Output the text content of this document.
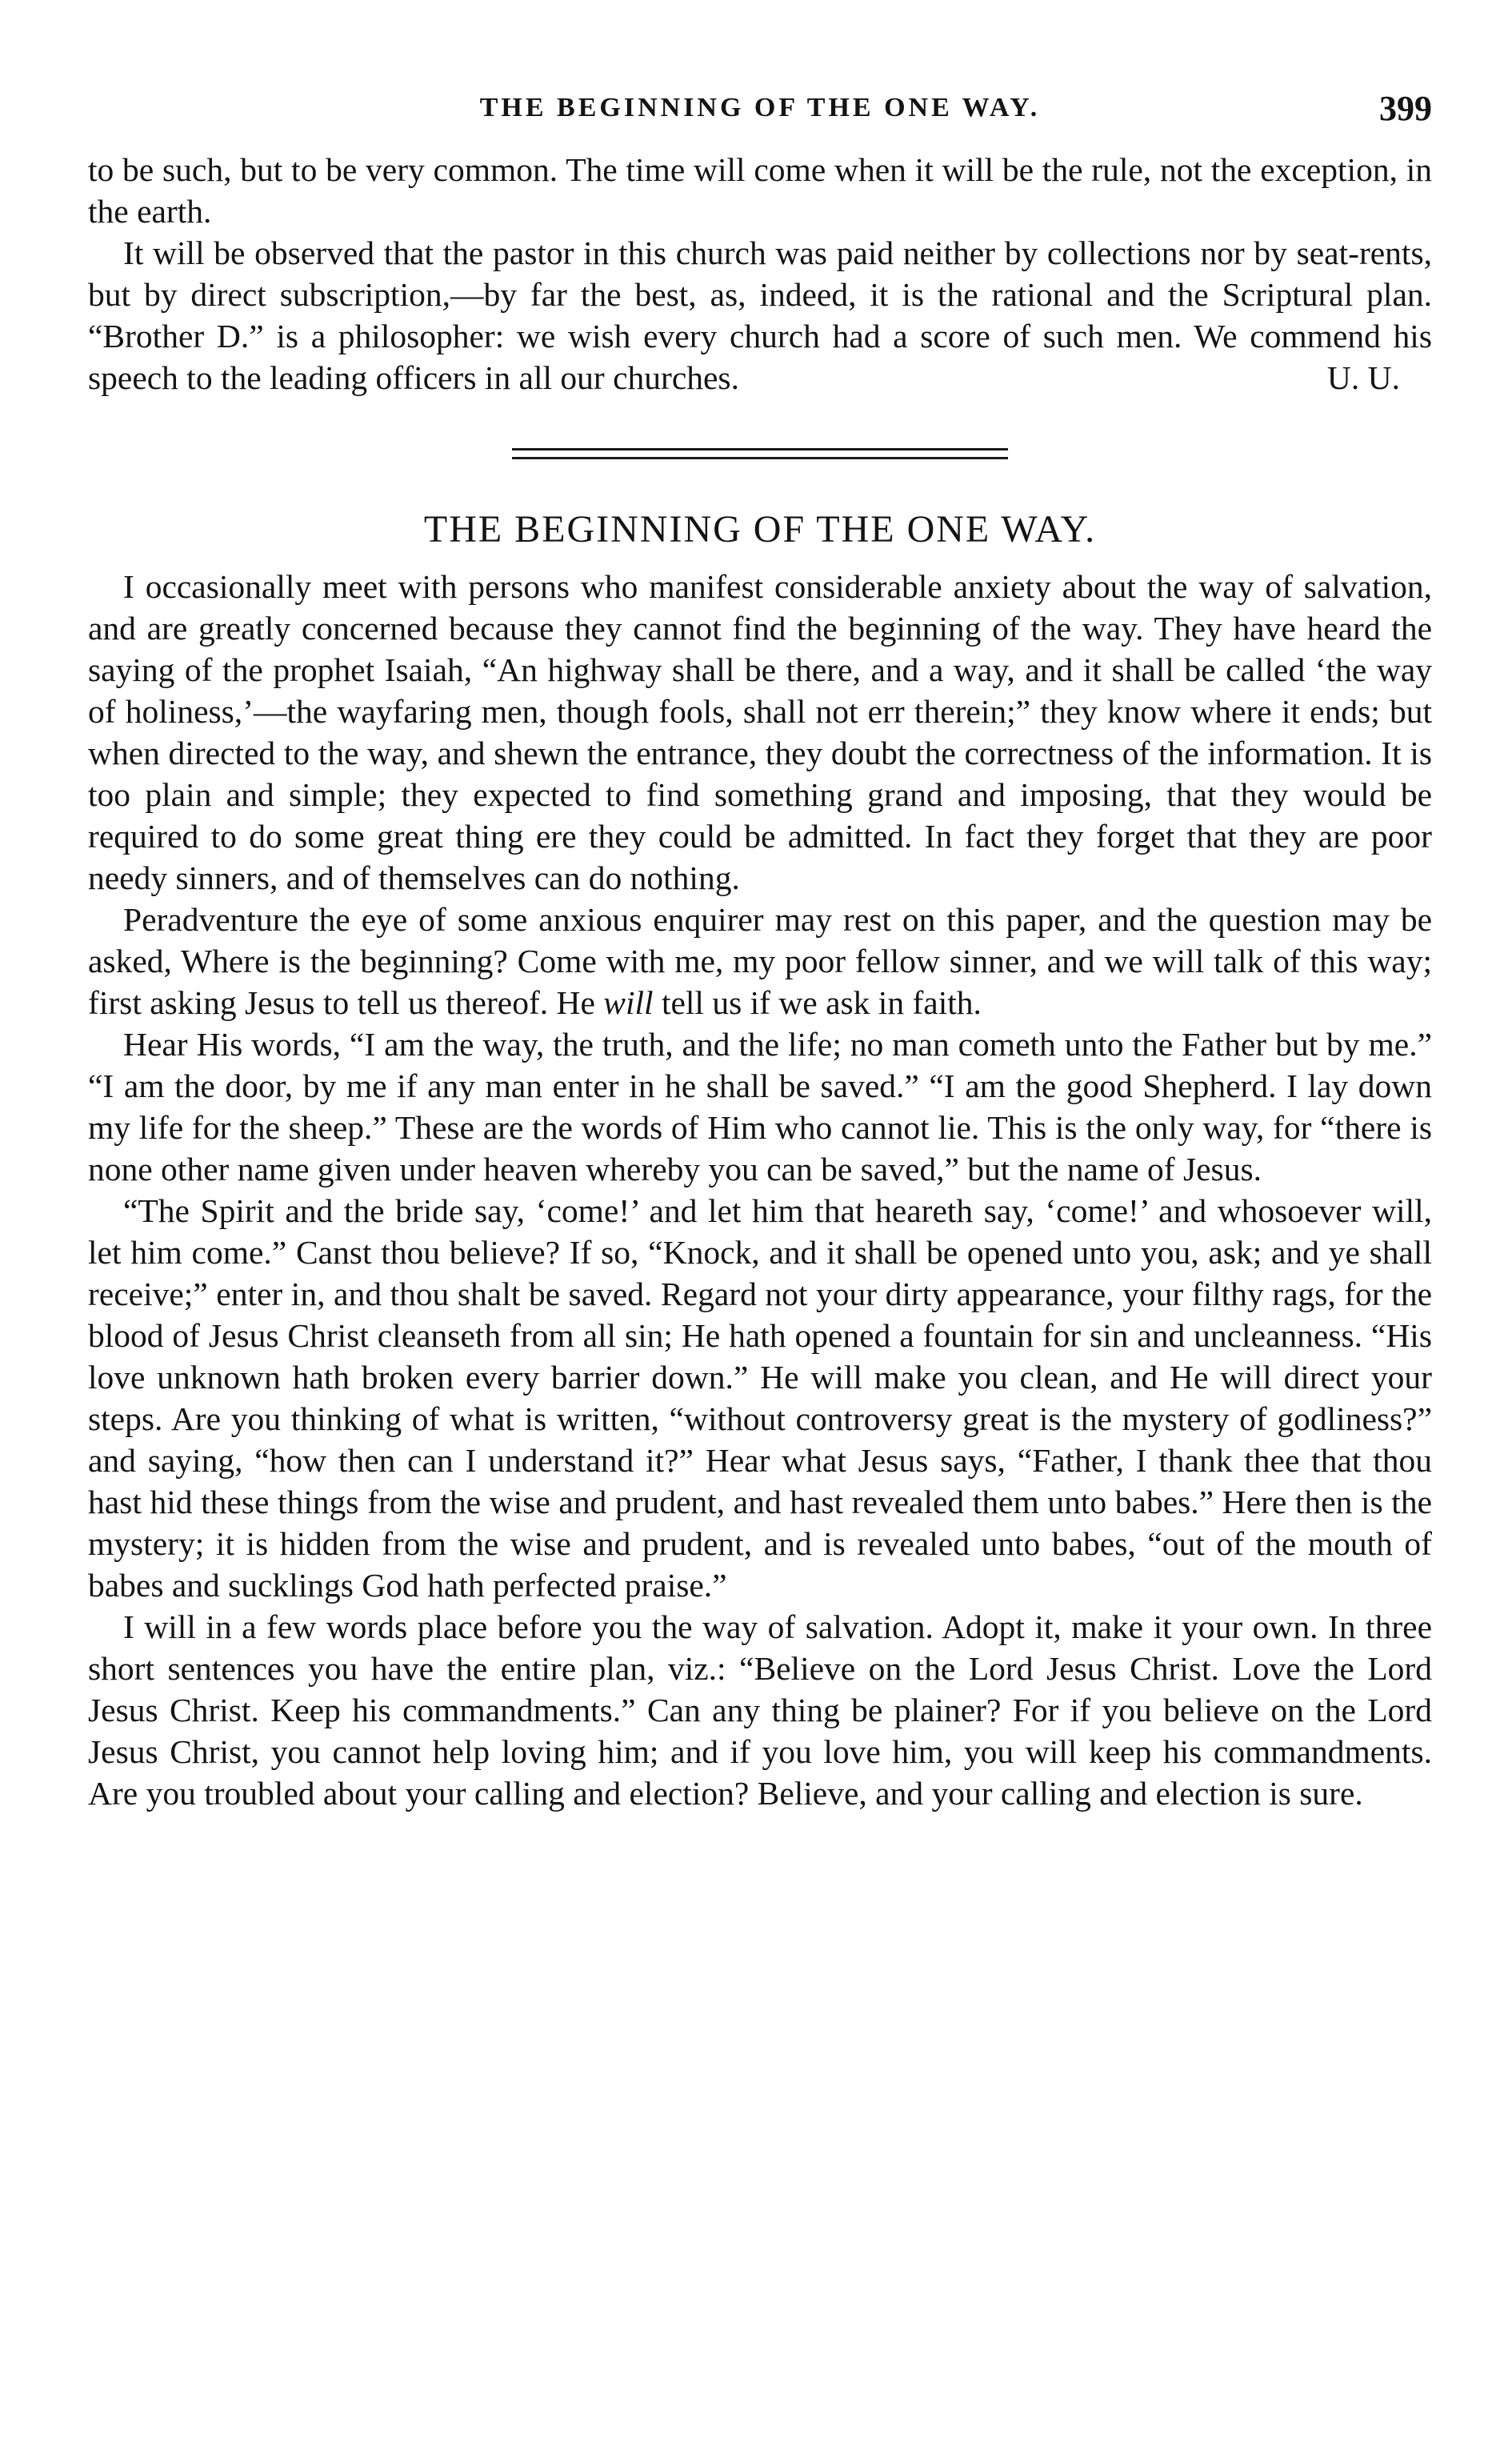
THE BEGINNING OF THE ONE WAY.	399

to be such, but to be very common. The time will come when it will be the rule, not the exception, in the earth.

It will be observed that the pastor in this church was paid neither by collections nor by seat-rents, but by direct subscription,—by far the best, as, indeed, it is the rational and the Scriptural plan. “Brother D.” is a philosopher: we wish every church had a score of such men. We commend his speech to the leading officers in all our churches.	U. U.

THE BEGINNING OF THE ONE WAY.

I occasionally meet with persons who manifest considerable anxiety about the way of salvation, and are greatly concerned because they cannot find the beginning of the way. They have heard the saying of the prophet Isaiah, “An highway shall be there, and a way, and it shall be called ‘the way of holiness,’—the wayfaring men, though fools, shall not err therein;” they know where it ends; but when directed to the way, and shewn the entrance, they doubt the correctness of the information. It is too plain and simple; they expected to find something grand and imposing, that they would be required to do some great thing ere they could be admitted. In fact they forget that they are poor needy sinners, and of themselves can do nothing.

Peradventure the eye of some anxious enquirer may rest on this paper, and the question may be asked, Where is the beginning? Come with me, my poor fellow sinner, and we will talk of this way; first asking Jesus to tell us thereof. He will tell us if we ask in faith.

Hear His words, “I am the way, the truth, and the life; no man cometh unto the Father but by me.” “I am the door, by me if any man enter in he shall be saved.” “I am the good Shepherd. I lay down my life for the sheep.” These are the words of Him who cannot lie. This is the only way, for “there is none other name given under heaven whereby you can be saved,” but the name of Jesus.

“The Spirit and the bride say, ‘come!’ and let him that heareth say, ‘come!’ and whosoever will, let him come.” Canst thou believe? If so, “Knock, and it shall be opened unto you, ask; and ye shall receive;” enter in, and thou shalt be saved. Regard not your dirty appearance, your filthy rags, for the blood of Jesus Christ cleanseth from all sin; He hath opened a fountain for sin and uncleanness. “His love unknown hath broken every barrier down.” He will make you clean, and He will direct your steps. Are you thinking of what is written, “without controversy great is the mystery of godliness?” and saying, “how then can I understand it?” Hear what Jesus says, “Father, I thank thee that thou hast hid these things from the wise and prudent, and hast revealed them unto babes.” Here then is the mystery; it is hidden from the wise and prudent, and is revealed unto babes, “out of the mouth of babes and sucklings God hath perfected praise.”

I will in a few words place before you the way of salvation. Adopt it, make it your own. In three short sentences you have the entire plan, viz.: “Believe on the Lord Jesus Christ. Love the Lord Jesus Christ. Keep his commandments.” Can any thing be plainer? For if you believe on the Lord Jesus Christ, you cannot help loving him; and if you love him, you will keep his commandments. Are you troubled about your calling and election? Believe, and your calling and election is sure.
